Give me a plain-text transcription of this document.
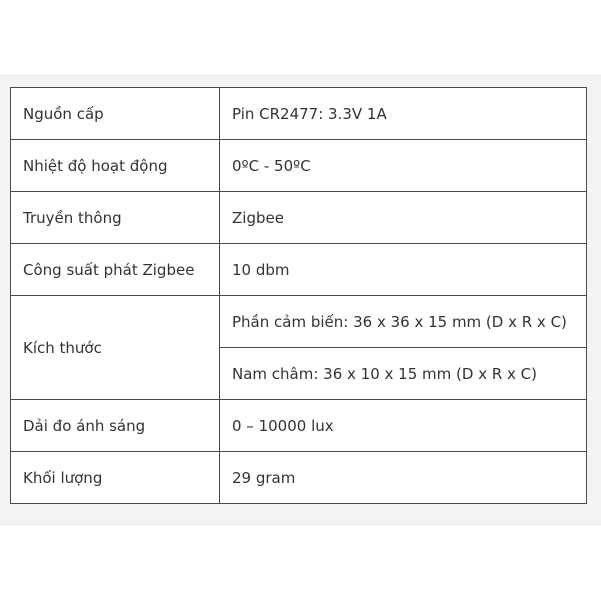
Nguồn cấp	Pin CR2477: 3.3V 1A
Nhiệt độ hoạt động	0ºC - 50ºC
Truyền thông	Zigbee
Công suất phát Zigbee	10 dbm
Kích thước	Phần cảm biến: 36 x 36 x 15 mm (D x R x C)
	Nam châm: 36 x 10 x 15 mm (D x R x C)
Dải đo ánh sáng	0 – 10000 lux
Khối lượng	29 gram
